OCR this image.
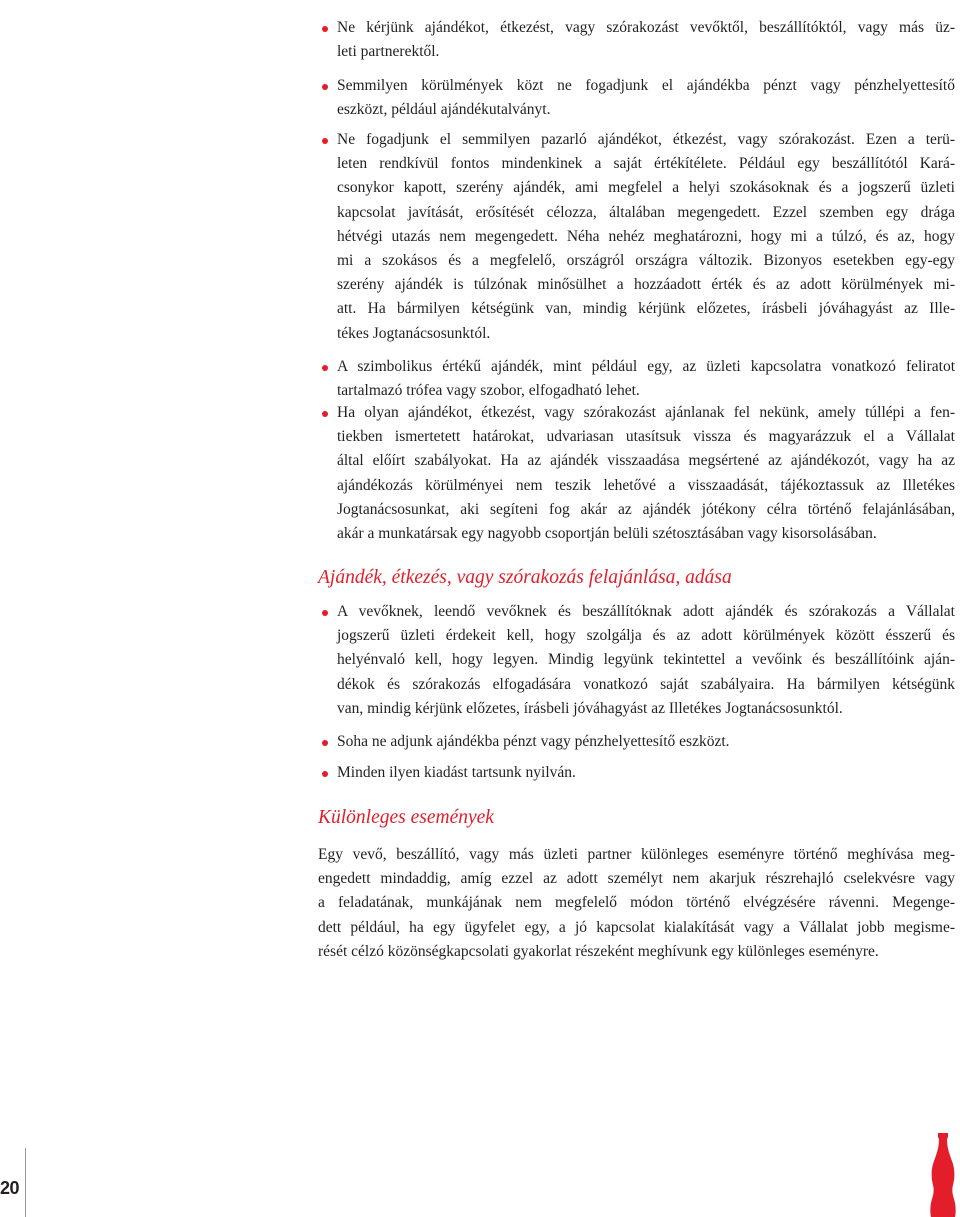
Ne kérjünk ajándékot, étkezést, vagy szórakozást vevőktől, beszállítóktól, vagy más üz-
leti partnerektől.
Semmilyen körülmények közt ne fogadjunk el ajándékba pénzt vagy pénzhelyettesítő
eszközt, például ajándékutalványt.
Ne fogadjunk el semmilyen pazarló ajándékot, étkezést, vagy szórakozást. Ezen a terü-
leten rendkívül fontos mindenkinek a saját értékítélete. Például egy beszállítótól Kará-
csonykor kapott, szerény ajándék, ami megfelel a helyi szokásoknak és a jogszerű üzleti
kapcsolat javítását, erősítését célozza, általában megengedett. Ezzel szemben egy drága
hétvégi utazás nem megengedett. Néha nehéz meghatározni, hogy mi a túlzó, és az, hogy
mi a szokásos és a megfelelő, országról országra változik. Bizonyos esetekben egy-egy
szerény ajándék is túlzónak minősülhet a hozzáadott érték és az adott körülmények mi-
att. Ha bármilyen kétségünk van, mindig kérjünk előzetes, írásbeli jóváhagyást az Ille-
tékes Jogtanácsosunktól.
A szimbolikus értékű ajándék, mint például egy, az üzleti kapcsolatra vonatkozó feliratot
tartalmazó trófea vagy szobor, elfogadható lehet.
Ha olyan ajándékot, étkezést, vagy szórakozást ajánlanak fel nekünk, amely túllépi a fen-
tiekben ismertetett határokat, udvariasan utasítsuk vissza és magyarázzuk el a Vállalat
által előírt szabályokat. Ha az ajándék visszaadása megsértené az ajándékozót, vagy ha az
ajándékozás körülményei nem teszik lehetővé a visszaadását, tájékoztassuk az Illetékes
Jogtanácsosunkat, aki segíteni fog akár az ajándék jótékony célra történő felajánlásában,
akár a munkatársak egy nagyobb csoportján belüli szétosztásában vagy kisorsolásában.
Ajándék, étkezés, vagy szórakozás felajánlása, adása
A vevőknek, leendő vevőknek és beszállítóknak adott ajándék és szórakozás a Vállalat
jogszerű üzleti érdekeit kell, hogy szolgálja és az adott körülmények között ésszerű és
helyénvaló kell, hogy legyen. Mindig legyünk tekintettel a vevőink és beszállítóink aján-
dékok és szórakozás elfogadására vonatkozó saját szabályaira. Ha bármilyen kétségünk
van, mindig kérjünk előzetes, írásbeli jóváhagyást az Illetékes Jogtanácsosunktól.
Soha ne adjunk ajándékba pénzt vagy pénzhelyettesítő eszközt.
Minden ilyen kiadást tartsunk nyilván.
Különleges események
Egy vevő, beszállító, vagy más üzleti partner különleges eseményre történő meghívása meg-
engedett mindaddig, amíg ezzel az adott személyt nem akarjuk részrehajló cselekvésre vagy
a feladatának, munkájának nem megfelelő módon történő elvégzésére rávenni. Megenge-
dett például, ha egy ügyfelet egy, a jó kapcsolat kialakítását vagy a Vállalat jobb megisme-
rését célzó közönségkapcsolati gyakorlat részeként meghívunk egy különleges eseményre.
20
